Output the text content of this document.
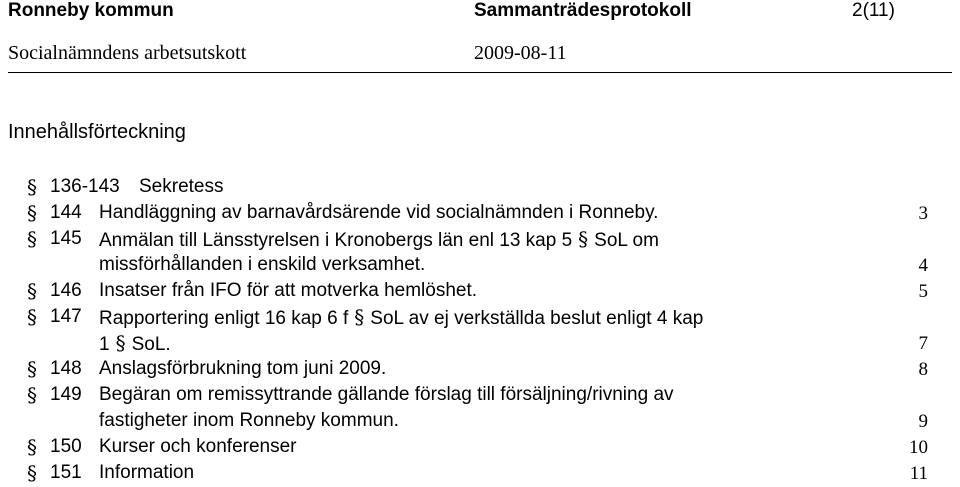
Ronneby kommun	Sammanträdesprotokoll	2(11)
Socialnämndens arbetsutskott	2009-08-11
Innehållsförteckning
§ 136-143 Sekretess
§ 144 Handläggning av barnavårdsärende vid socialnämnden i Ronneby.	3
§ 145 Anmälan till Länsstyrelsen i Kronobergs län enl 13 kap 5 § SoL om
missförhållanden i enskild verksamhet.	4
§ 146 Insatser från IFO för att motverka hemlöshet.	5
§ 147 Rapportering enligt 16 kap 6 f § SoL av ej verkställda beslut enligt 4 kap
1 § SoL.	7
§ 148 Anslagsförbrukning tom juni 2009.	8
§ 149 Begäran om remissyttrande gällande förslag till försäljning/rivning av
fastigheter inom Ronneby kommun.	9
§ 150 Kurser och konferenser	10
§ 151 Information	11
